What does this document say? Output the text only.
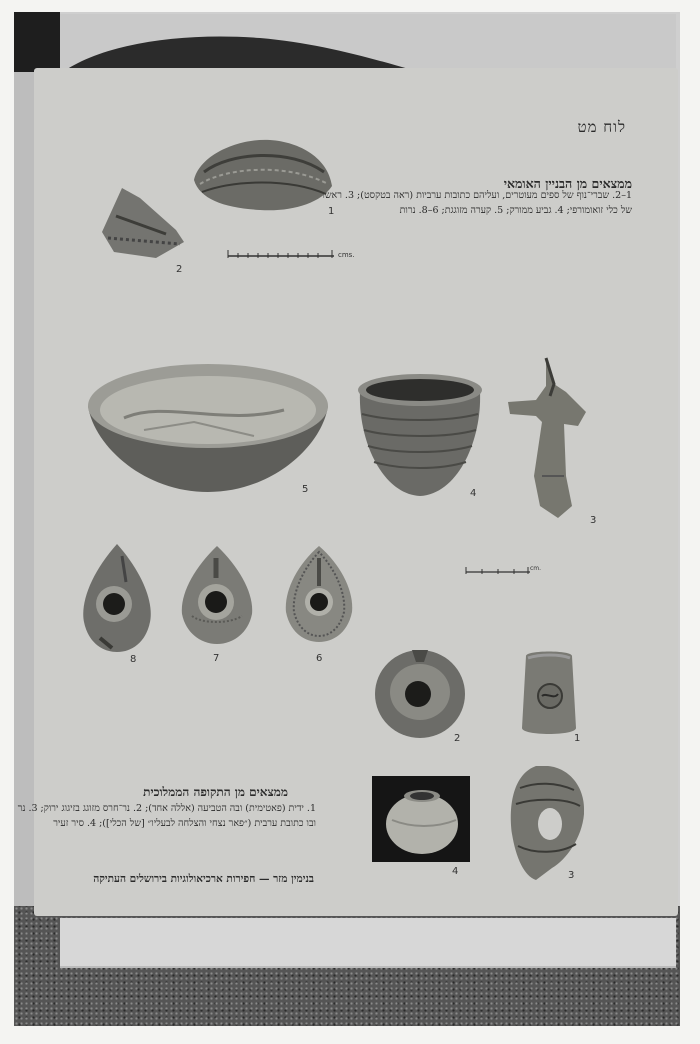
לוח מט
ממצאים מן הבניין האומאי
1–2. שברי־נוף של ספים מעוטרים, ועליהם כתובות ערביות (ראה בטקסט); 3. ראשו של כלי זואומורפי; 4. גביע ממורק; 5. קערה מזוגגת; 6–8. נרות
1
2
cms.
5	4
3
cm.
8	7	6
2	1
ממצאים מן התקופה הממלוכית
1. ידית (פאטימית) ובה הטביעה (אללה אחד); 2. נר־חרס מזוגג בזיגוג ירוק; 3. נר ובו כתובת ערבית (״פאר נצחי והצלחה לבעליו״ [של הכלי]); 4. סיר זעיר
4	3
בנימין מזר — חפירות ארכיאולוגיות בירושלים העתיקה
